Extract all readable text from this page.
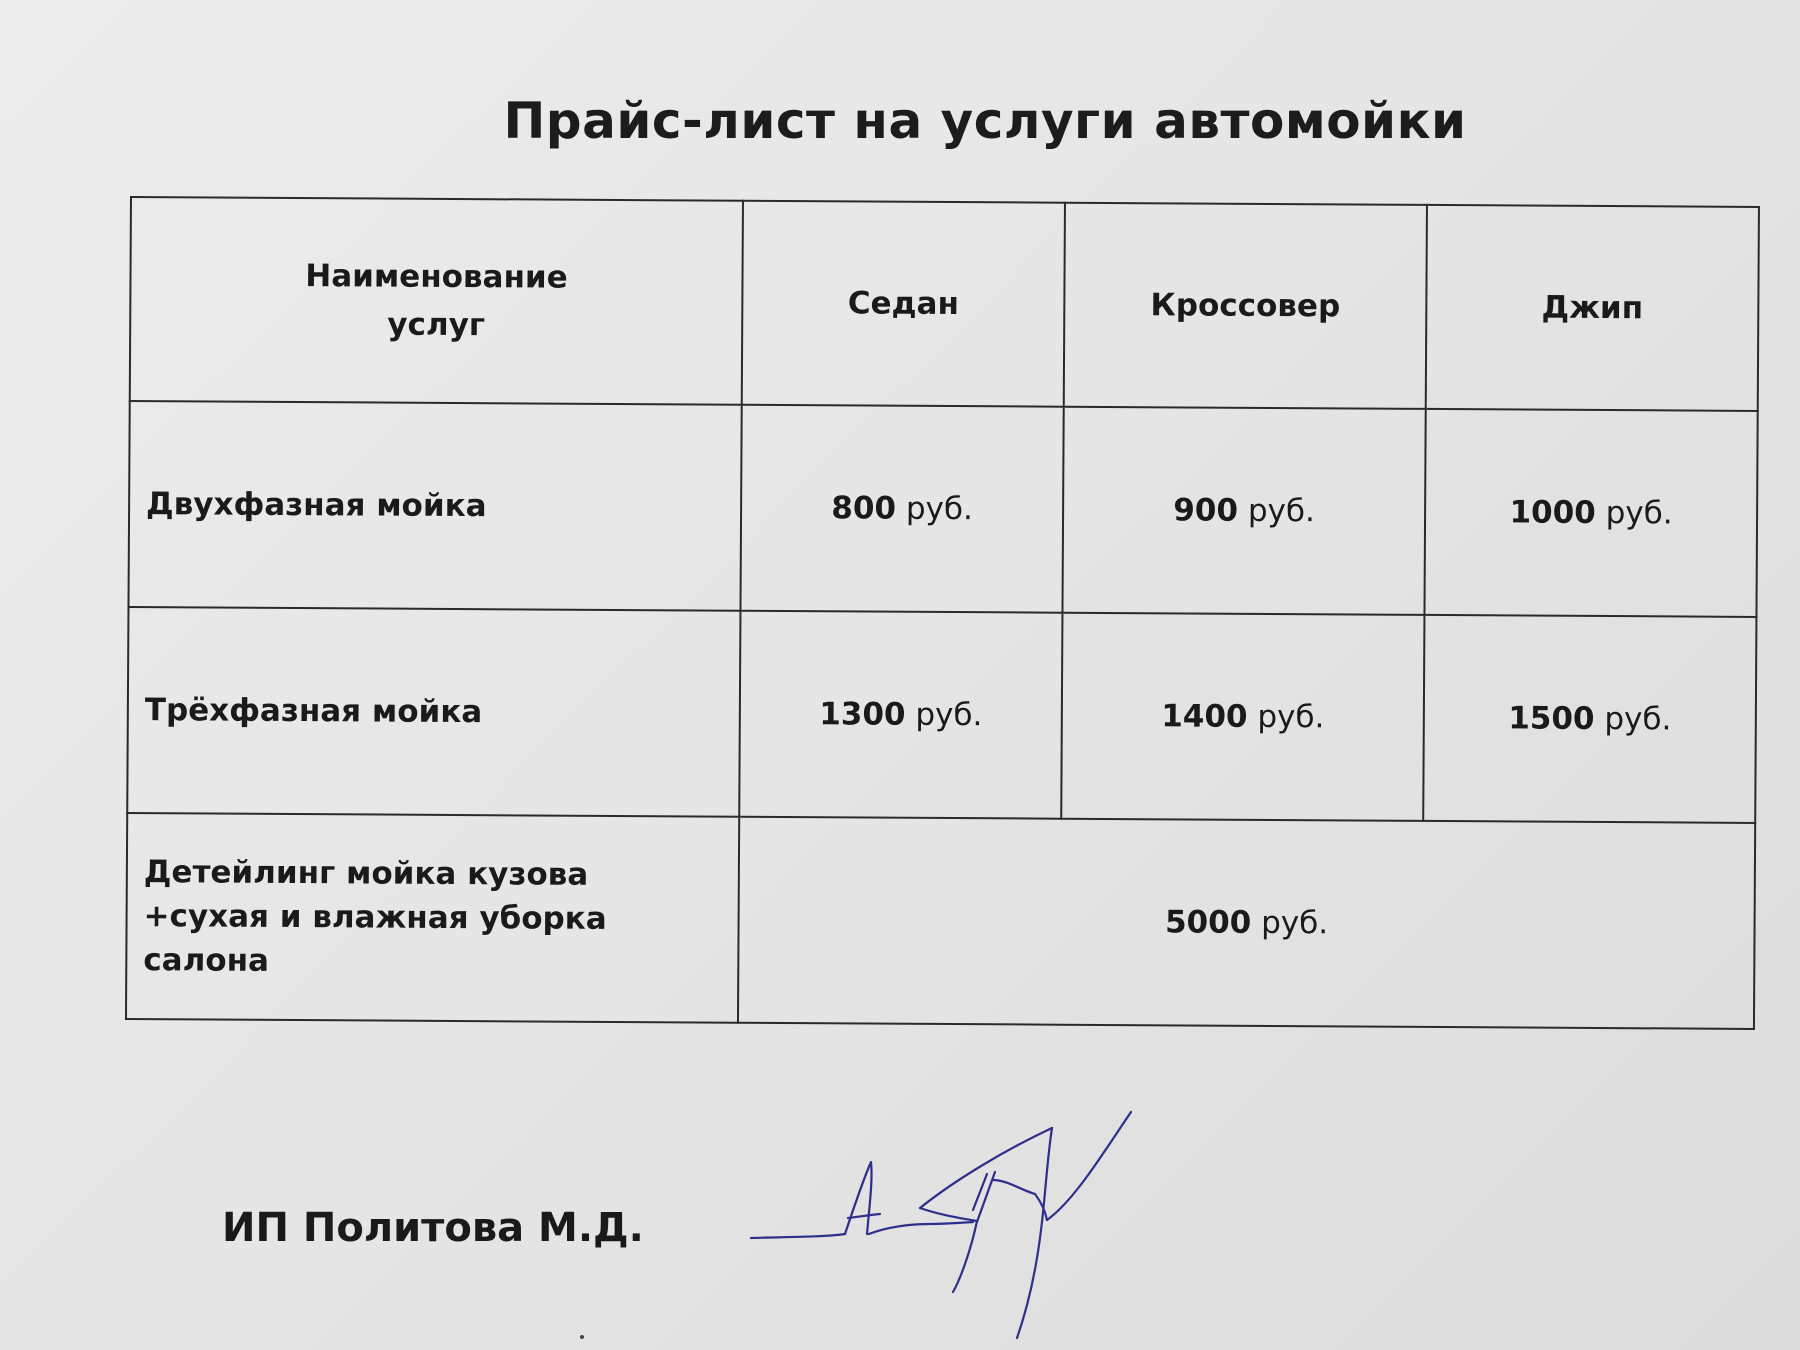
Прайс-лист на услуги автомойки
Наименование
услуг	Седан	Кроссовер	Джип
Двухфазная мойка	800 руб.	900 руб.	1000 руб.
Трёхфазная мойка	1300 руб.	1400 руб.	1500 руб.

Детейлинг мойка кузова
+сухая и влажная уборка салона	5000 руб.		
ИП Политова М.Д.
